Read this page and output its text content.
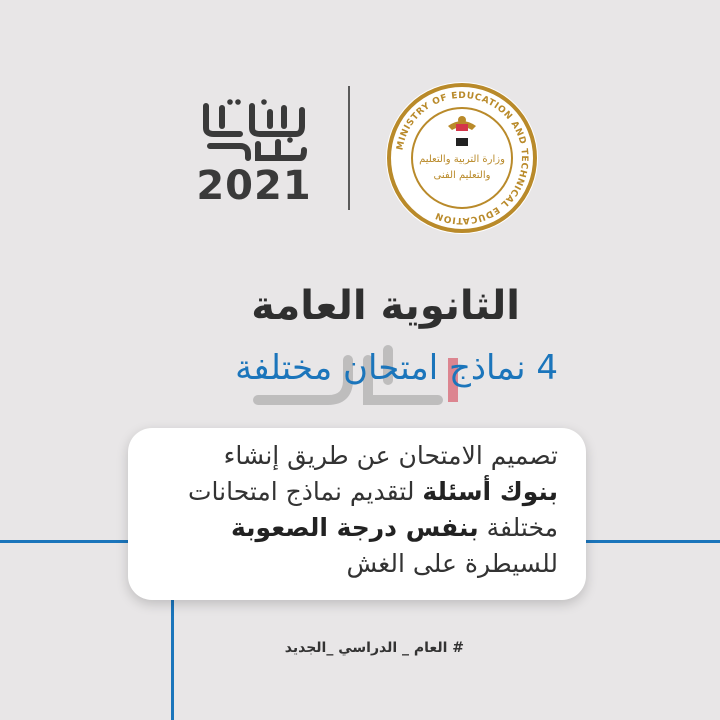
2021
MINISTRY OF EDUCATION AND TECHNICAL EDUCATION
وزارة التربية والتعليم
والتعليم الفنى
الثانوية العامة
4 نماذج امتحان مختلفة
تصميم الامتحان عن طريق إنشاء
بنوك أسئلة لتقديم نماذج امتحانات
مختلفة بنفس درجة الصعوبة
للسيطرة على الغش
# العام _ الدراسي _الجديد
